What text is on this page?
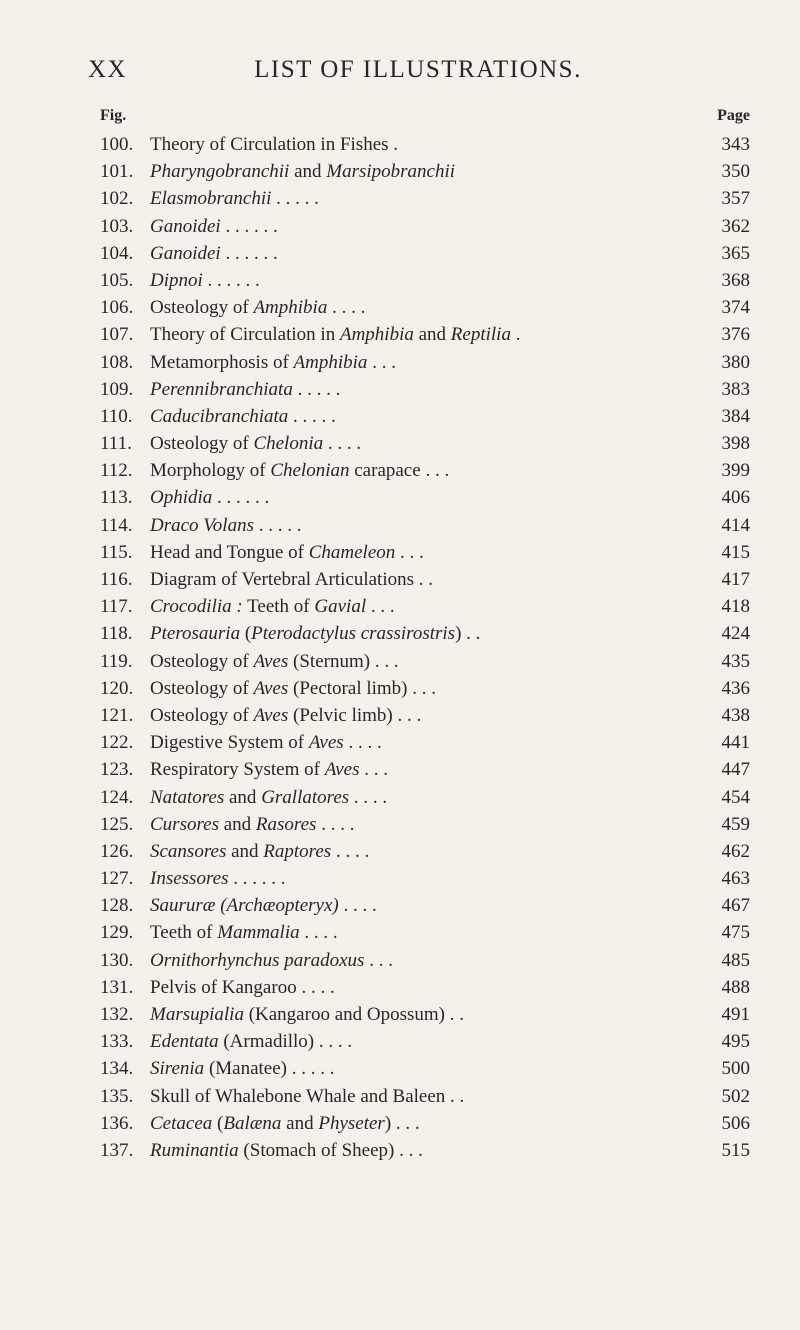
XX	LIST OF ILLUSTRATIONS.
Fig.	Page
100. Theory of Circulation in Fishes .	343
101. Pharyngobranchii and Marsipobranchii	350
102. Elasmobranchii . . . . .	357
103. Ganoidei . . . . . .	362
104. Ganoidei . . . . . .	365
105. Dipnoi . . . . . .	368
106. Osteology of Amphibia . . . .	374
107. Theory of Circulation in Amphibia and Reptilia .	376
108. Metamorphosis of Amphibia . . .	380
109. Perennibranchiata . . . . .	383
110. Caducibranchiata . . . . .	384
111. Osteology of Chelonia . . . .	398
112. Morphology of Chelonian carapace . . .	399
113. Ophidia . . . . . .	406
114. Draco Volans . . . . .	414
115. Head and Tongue of Chameleon . . .	415
116. Diagram of Vertebral Articulations . .	417
117. Crocodilia : Teeth of Gavial . . .	418
118. Pterosauria (Pterodactylus crassirostris) . .	424
119. Osteology of Aves (Sternum) . . .	435
120. Osteology of Aves (Pectoral limb) . . .	436
121. Osteology of Aves (Pelvic limb) . . .	438
122. Digestive System of Aves . . . .	441
123. Respiratory System of Aves . . .	447
124. Natatores and Grallatores . . . .	454
125. Cursores and Rasores . . . .	459
126. Scansores and Raptores . . . .	462
127. Insessores . . . . . .	463
128. Saururæ (Archæopteryx) . . . .	467
129. Teeth of Mammalia . . . .	475
130. Ornithorhynchus paradoxus . . .	485
131. Pelvis of Kangaroo . . . .	488
132. Marsupialia (Kangaroo and Opossum) . .	491
133. Edentata (Armadillo) . . . .	495
134. Sirenia (Manatee) . . . . .	500
135. Skull of Whalebone Whale and Baleen . .	502
136. Cetacea (Balæna and Physeter) . . .	506
137. Ruminantia (Stomach of Sheep) . . .	515
